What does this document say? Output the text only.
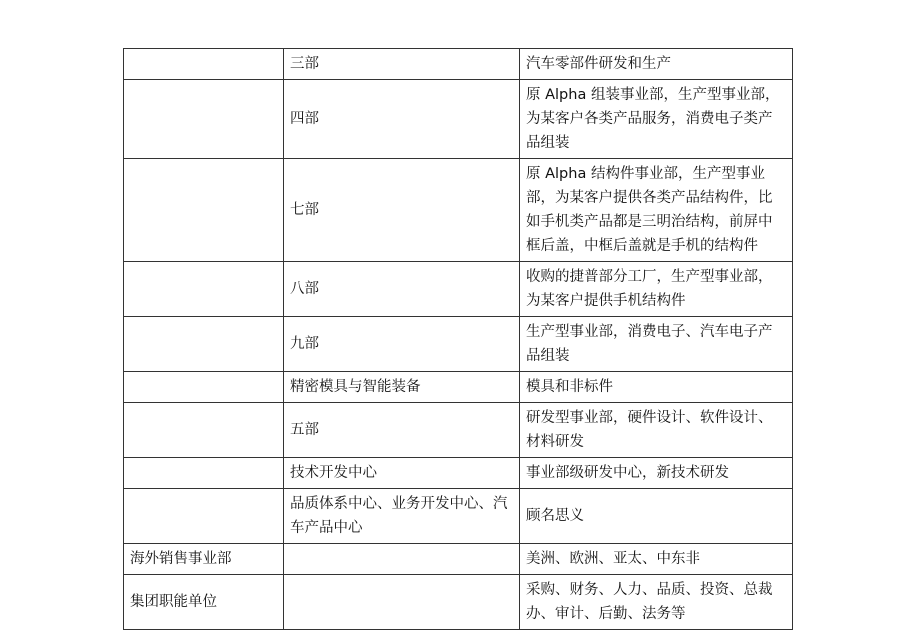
	三部	汽车零部件研发和生产
	四部	原 Alpha 组装事业部，生产型事业部，为某客户各类产品服务，消费电子类产品组装
	七部	原 Alpha 结构件事业部，生产型事业部，为某客户提供各类产品结构件，比如手机类产品都是三明治结构，前屏中框后盖，中框后盖就是手机的结构件
	八部	收购的捷普部分工厂，生产型事业部，为某客户提供手机结构件
	九部	生产型事业部，消费电子、汽车电子产品组装
	精密模具与智能装备	模具和非标件
	五部	研发型事业部，硬件设计、软件设计、材料研发
	技术开发中心	事业部级研发中心，新技术研发
	品质体系中心、业务开发中心、汽车产品中心	顾名思义
海外销售事业部		美洲、欧洲、亚太、中东非
集团职能单位		采购、财务、人力、品质、投资、总裁办、审计、后勤、法务等
